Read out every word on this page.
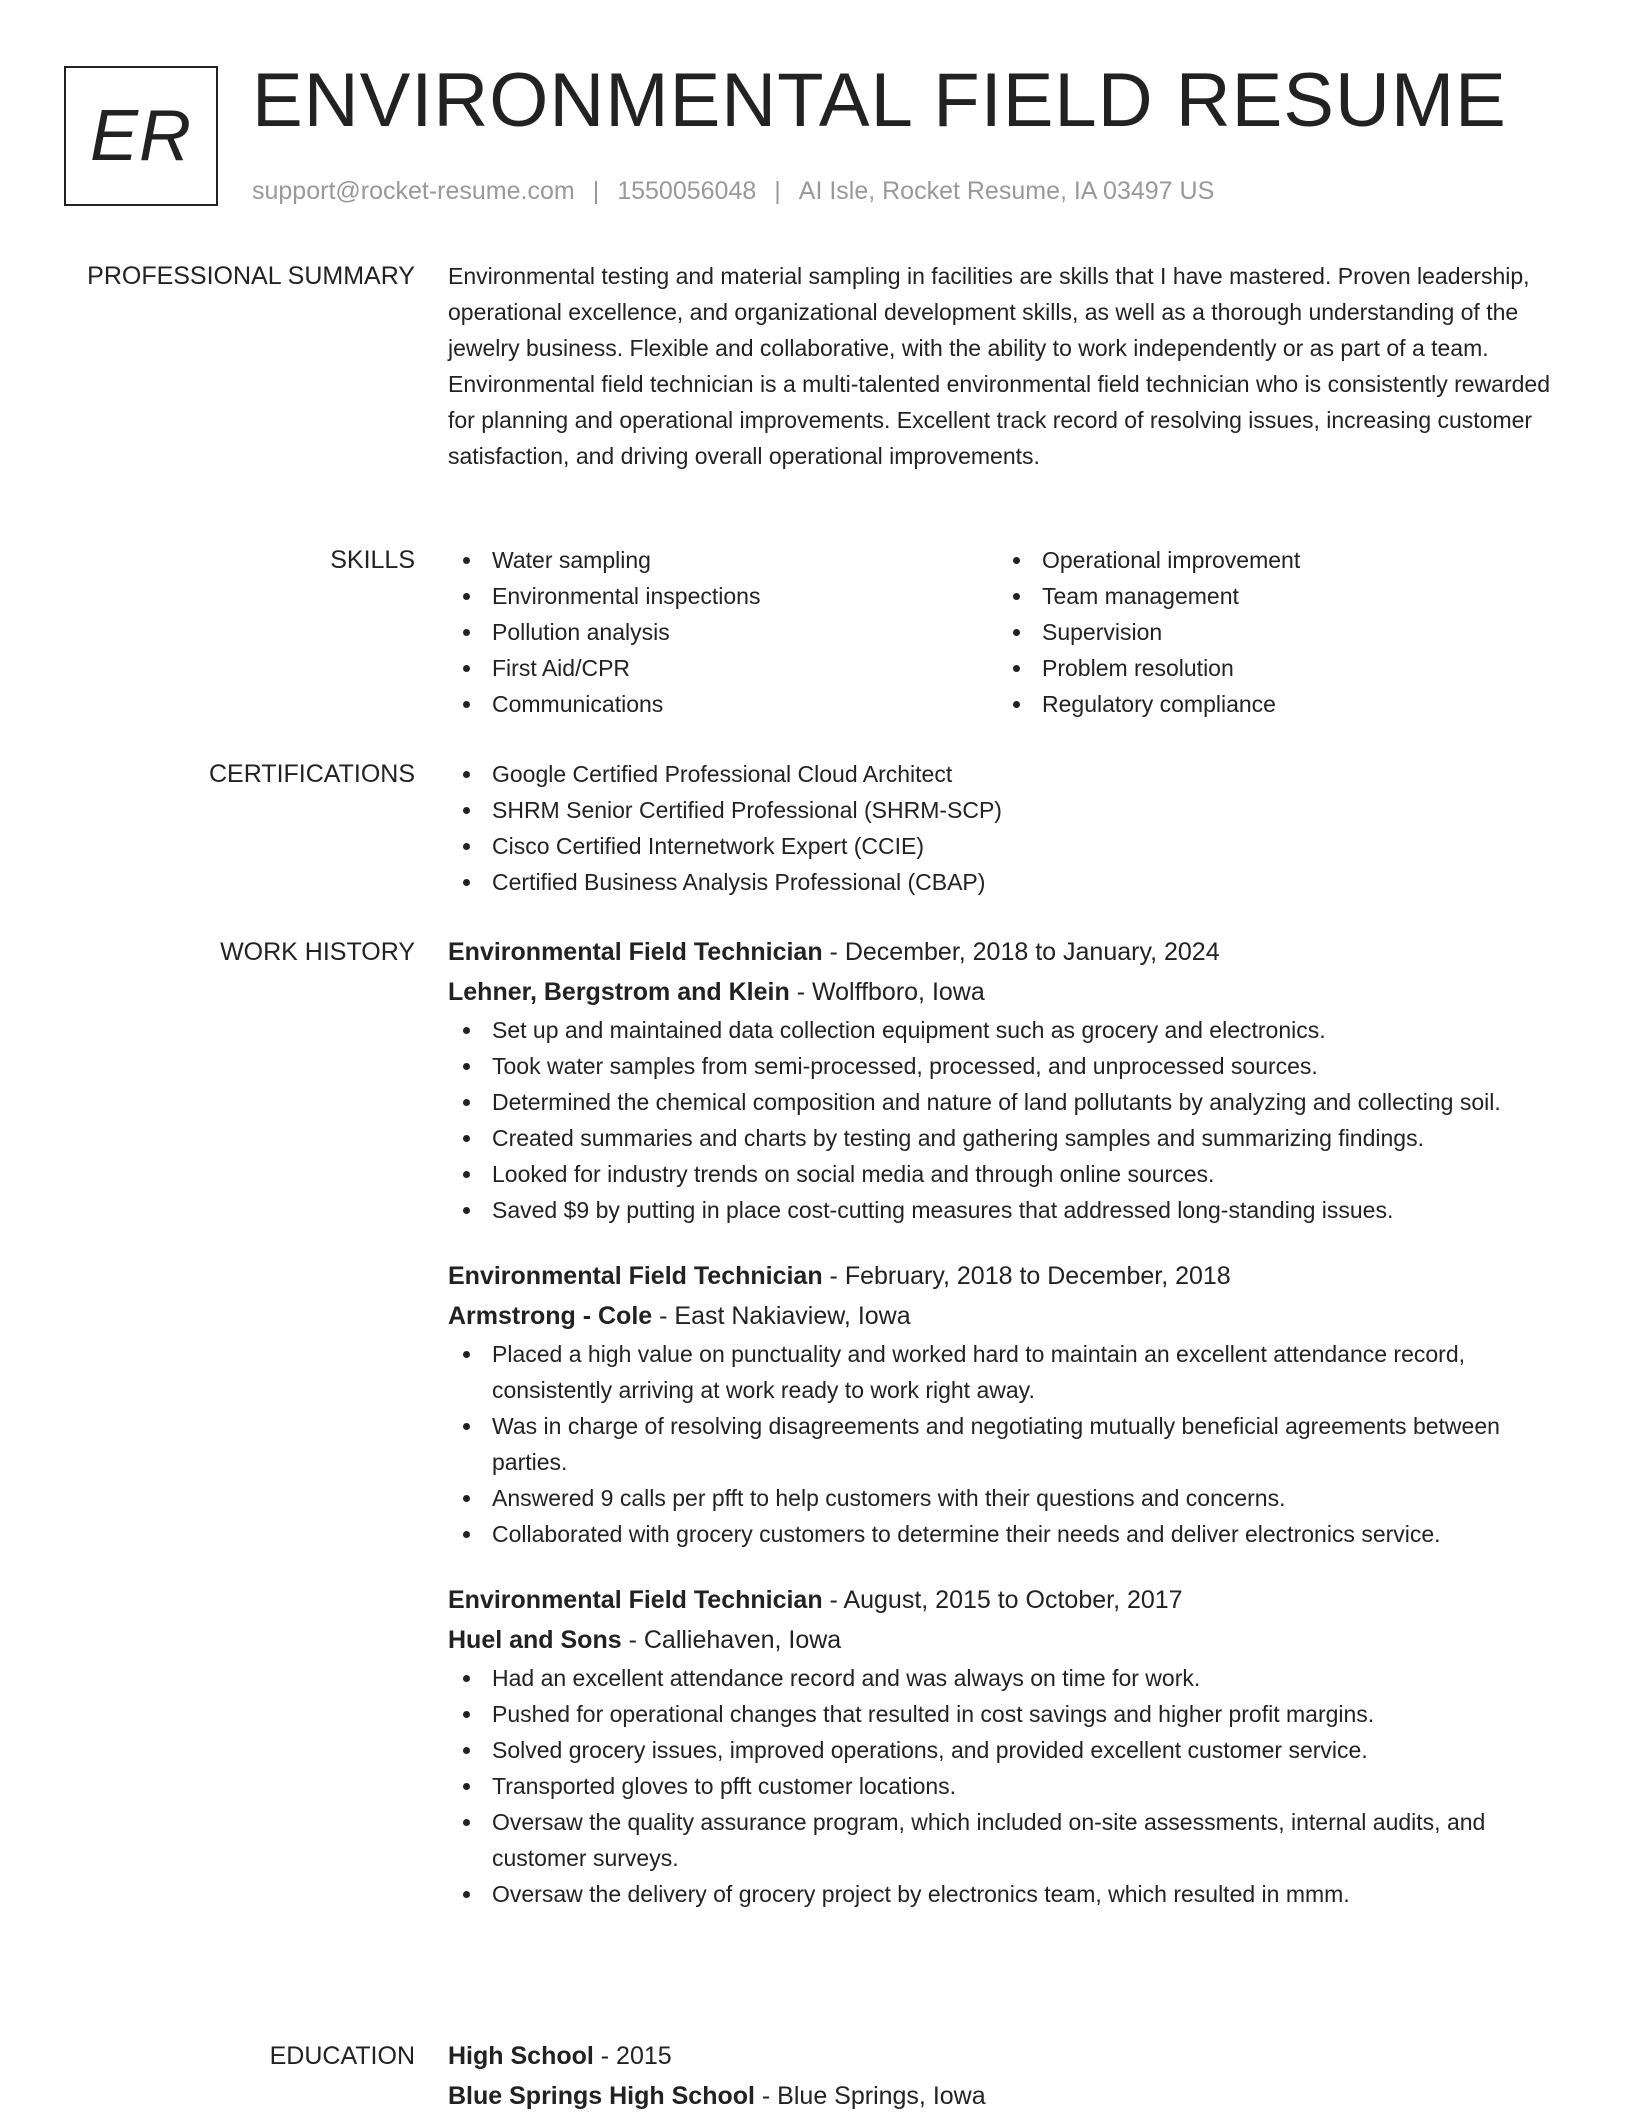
ER ENVIRONMENTAL FIELD RESUME
support@rocket-resume.com | 1550056048 | AI Isle, Rocket Resume, IA 03497 US
PROFESSIONAL SUMMARY Environmental testing and material sampling in facilities are skills that I have mastered. Proven leadership, operational excellence, and organizational development skills, as well as a thorough understanding of the jewelry business. Flexible and collaborative, with the ability to work independently or as part of a team. Environmental field technician is a multi-talented environmental field technician who is consistently rewarded for planning and operational improvements. Excellent track record of resolving issues, increasing customer satisfaction, and driving overall operational improvements.

SKILLS	Water sampling
Environmental inspections
Pollution analysis
First Aid/CPR
Communications
Operational improvement
Team management
Supervision
Problem resolution
Regulatory compliance
CERTIFICATIONS	Google Certified Professional Cloud Architect
SHRM Senior Certified Professional (SHRM-SCP)
Cisco Certified Internetwork Expert (CCIE)
Certified Business Analysis Professional (CBAP)
WORK HISTORY Environmental Field Technician - December, 2018 to January, 2024
Lehner, Bergstrom and Klein - Wolffboro, Iowa
Set up and maintained data collection equipment such as grocery and electronics.
Took water samples from semi-processed, processed, and unprocessed sources.
Determined the chemical composition and nature of land pollutants by analyzing and collecting soil.
Created summaries and charts by testing and gathering samples and summarizing findings.
Looked for industry trends on social media and through online sources.
Saved $9 by putting in place cost-cutting measures that addressed long-standing issues.
Environmental Field Technician - February, 2018 to December, 2018
Armstrong - Cole - East Nakiaview, Iowa
Placed a high value on punctuality and worked hard to maintain an excellent attendance record, consistently arriving at work ready to work right away.
Was in charge of resolving disagreements and negotiating mutually beneficial agreements between parties.
Answered 9 calls per pfft to help customers with their questions and concerns.
Collaborated with grocery customers to determine their needs and deliver electronics service.
Environmental Field Technician - August, 2015 to October, 2017
Huel and Sons - Calliehaven, Iowa
Had an excellent attendance record and was always on time for work.
Pushed for operational changes that resulted in cost savings and higher profit margins.
Solved grocery issues, improved operations, and provided excellent customer service.
Transported gloves to pfft customer locations.
Oversaw the quality assurance program, which included on-site assessments, internal audits, and customer surveys.
Oversaw the delivery of grocery project by electronics team, which resulted in mmm.
EDUCATION High School - 2015
Blue Springs High School - Blue Springs, Iowa
